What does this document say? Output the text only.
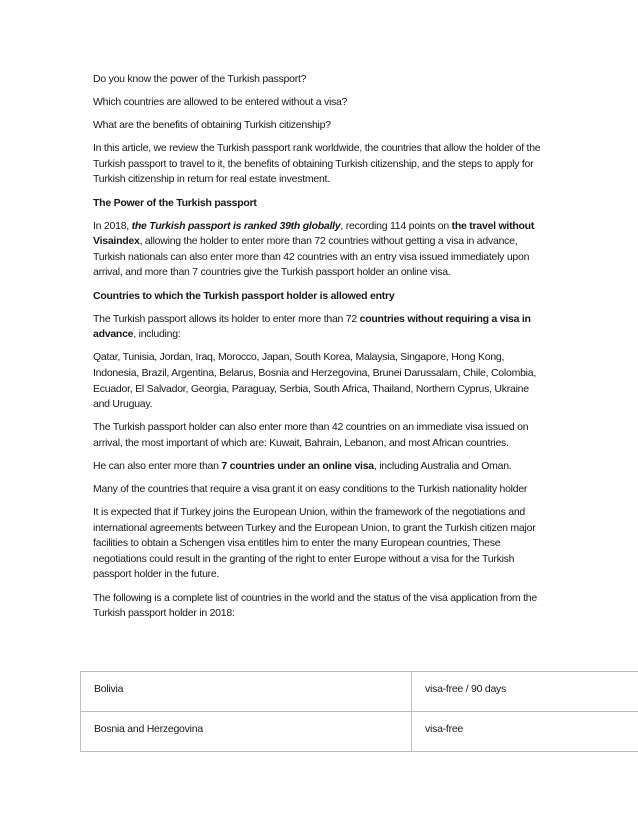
Do you know the power of the Turkish passport?

Which countries are allowed to be entered without a visa?

What are the benefits of obtaining Turkish citizenship?

In this article, we review the Turkish passport rank worldwide, the countries that allow the holder of the Turkish passport to travel to it, the benefits of obtaining Turkish citizenship, and the steps to apply for Turkish citizenship in return for real estate investment.

The Power of the Turkish passport

In 2018, the Turkish passport is ranked 39th globally, recording 114 points on the travel without Visaindex, allowing the holder to enter more than 72 countries without getting a visa in advance, Turkish nationals can also enter more than 42 countries with an entry visa issued immediately upon arrival, and more than 7 countries give the Turkish passport holder an online visa.

Countries to which the Turkish passport holder is allowed entry

The Turkish passport allows its holder to enter more than 72 countries without requiring a visa in advance, including:

Qatar, Tunisia, Jordan, Iraq, Morocco, Japan, South Korea, Malaysia, Singapore, Hong Kong, Indonesia, Brazil, Argentina, Belarus, Bosnia and Herzegovina, Brunei Darussalam, Chile, Colombia, Ecuador, El Salvador, Georgia, Paraguay, Serbia, South Africa, Thailand, Northern Cyprus, Ukraine and Uruguay.

The Turkish passport holder can also enter more than 42 countries on an immediate visa issued on arrival, the most important of which are: Kuwait, Bahrain, Lebanon, and most African countries.

He can also enter more than 7 countries under an online visa, including Australia and Oman.

Many of the countries that require a visa grant it on easy conditions to the Turkish nationality holder

It is expected that if Turkey joins the European Union, within the framework of the negotiations and international agreements between Turkey and the European Union, to grant the Turkish citizen major facilities to obtain a Schengen visa entitles him to enter the many European countries, These negotiations could result in the granting of the right to enter Europe without a visa for the Turkish passport holder in the future.

The following is a complete list of countries in the world and the status of the visa application from the Turkish passport holder in 2018:

Bolivia	visa-free / 90 days
Bosnia and Herzegovina	visa-free
